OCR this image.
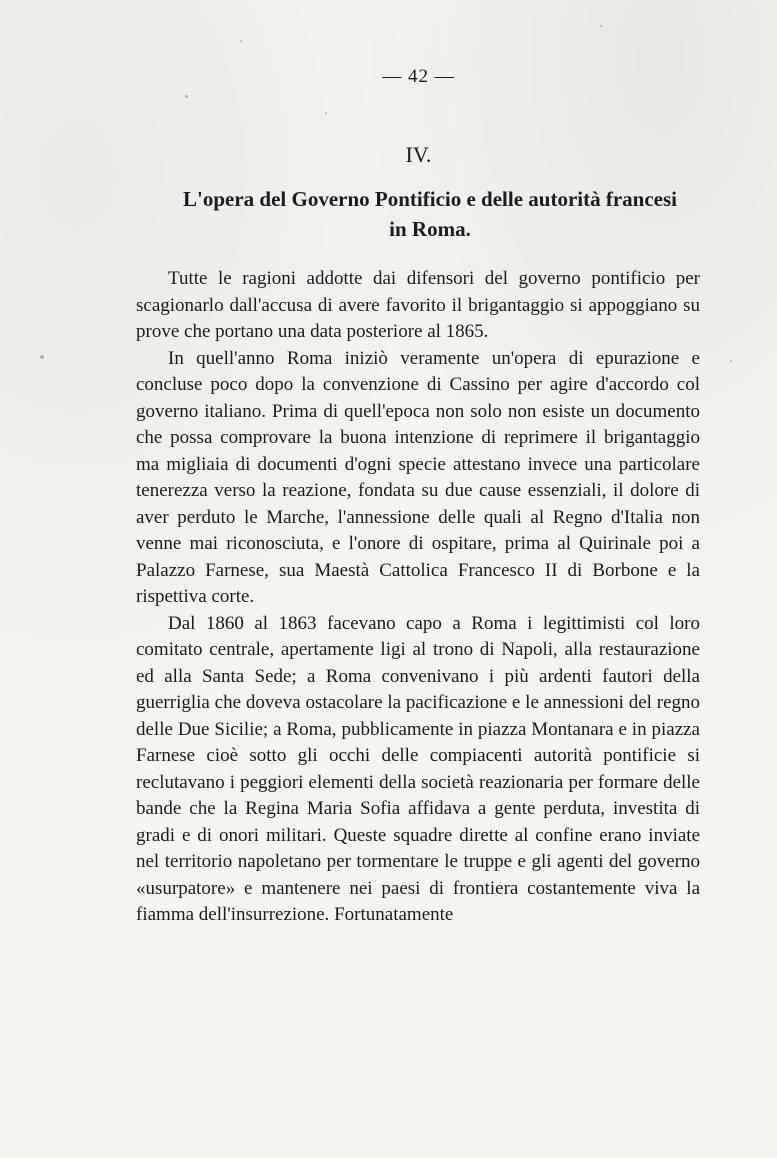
— 42 —
IV.
L'opera del Governo Pontificio e delle autorità francesi
in Roma.

Tutte le ragioni addotte dai difensori del governo pontificio per scagionarlo dall'accusa di avere favorito il brigantaggio si appoggiano su prove che portano una data posteriore al 1865.

In quell'anno Roma iniziò veramente un'opera di epurazione e concluse poco dopo la convenzione di Cassino per agire d'accordo col governo italiano. Prima di quell'epoca non solo non esiste un documento che possa comprovare la buona intenzione di reprimere il brigantaggio ma migliaia di documenti d'ogni specie attestano invece una particolare tenerezza verso la reazione, fondata su due cause essenziali, il dolore di aver perduto le Marche, l'annessione delle quali al Regno d'Italia non venne mai riconosciuta, e l'onore di ospitare, prima al Quirinale poi a Palazzo Farnese, sua Maestà Cattolica Francesco II di Borbone e la rispettiva corte.

Dal 1860 al 1863 facevano capo a Roma i legittimisti col loro comitato centrale, apertamente ligi al trono di Napoli, alla restaurazione ed alla Santa Sede; a Roma convenivano i più ardenti fautori della guerriglia che doveva ostacolare la pacificazione e le annessioni del regno delle Due Sicilie; a Roma, pubblicamente in piazza Montanara e in piazza Farnese cioè sotto gli occhi delle compiacenti autorità pontificie si reclutavano i peggiori elementi della società reazionaria per formare delle bande che la Regina Maria Sofia affidava a gente perduta, investita di gradi e di onori militari. Queste squadre dirette al confine erano inviate nel territorio napoletano per tormentare le truppe e gli agenti del governo «usurpatore» e mantenere nei paesi di frontiera costantemente viva la fiamma dell'insurrezione. Fortunatamente
